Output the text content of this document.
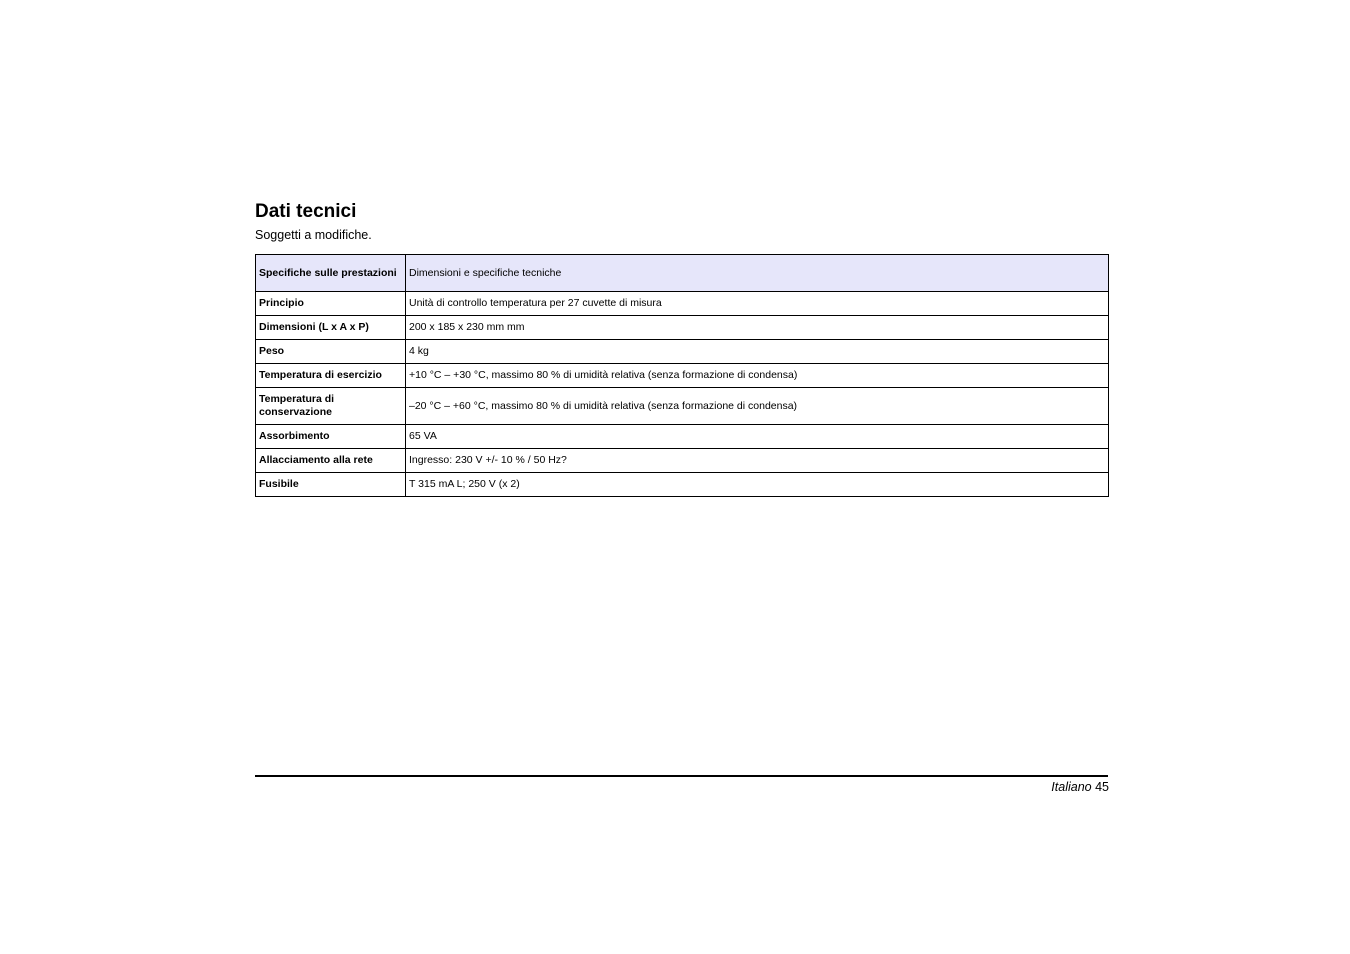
Dati tecnici

Soggetti a modifiche.

Specifiche sulle prestazioni	Dimensioni e specifiche tecniche
Principio	Unità di controllo temperatura per 27 cuvette di misura
Dimensioni (L x A x P)	200 x 185 x 230 mm mm
Peso	4 kg
Temperatura di esercizio	+10 °C – +30 °C, massimo 80 % di umidità relativa (senza formazione di condensa)
Temperatura di conservazione	–20 °C – +60 °C, massimo 80 % di umidità relativa (senza formazione di condensa)
Assorbimento	65 VA
Allacciamento alla rete	Ingresso: 230 V +/- 10 % / 50 Hz?
Fusibile	T 315 mA L; 250 V (x 2)
Italiano 45
